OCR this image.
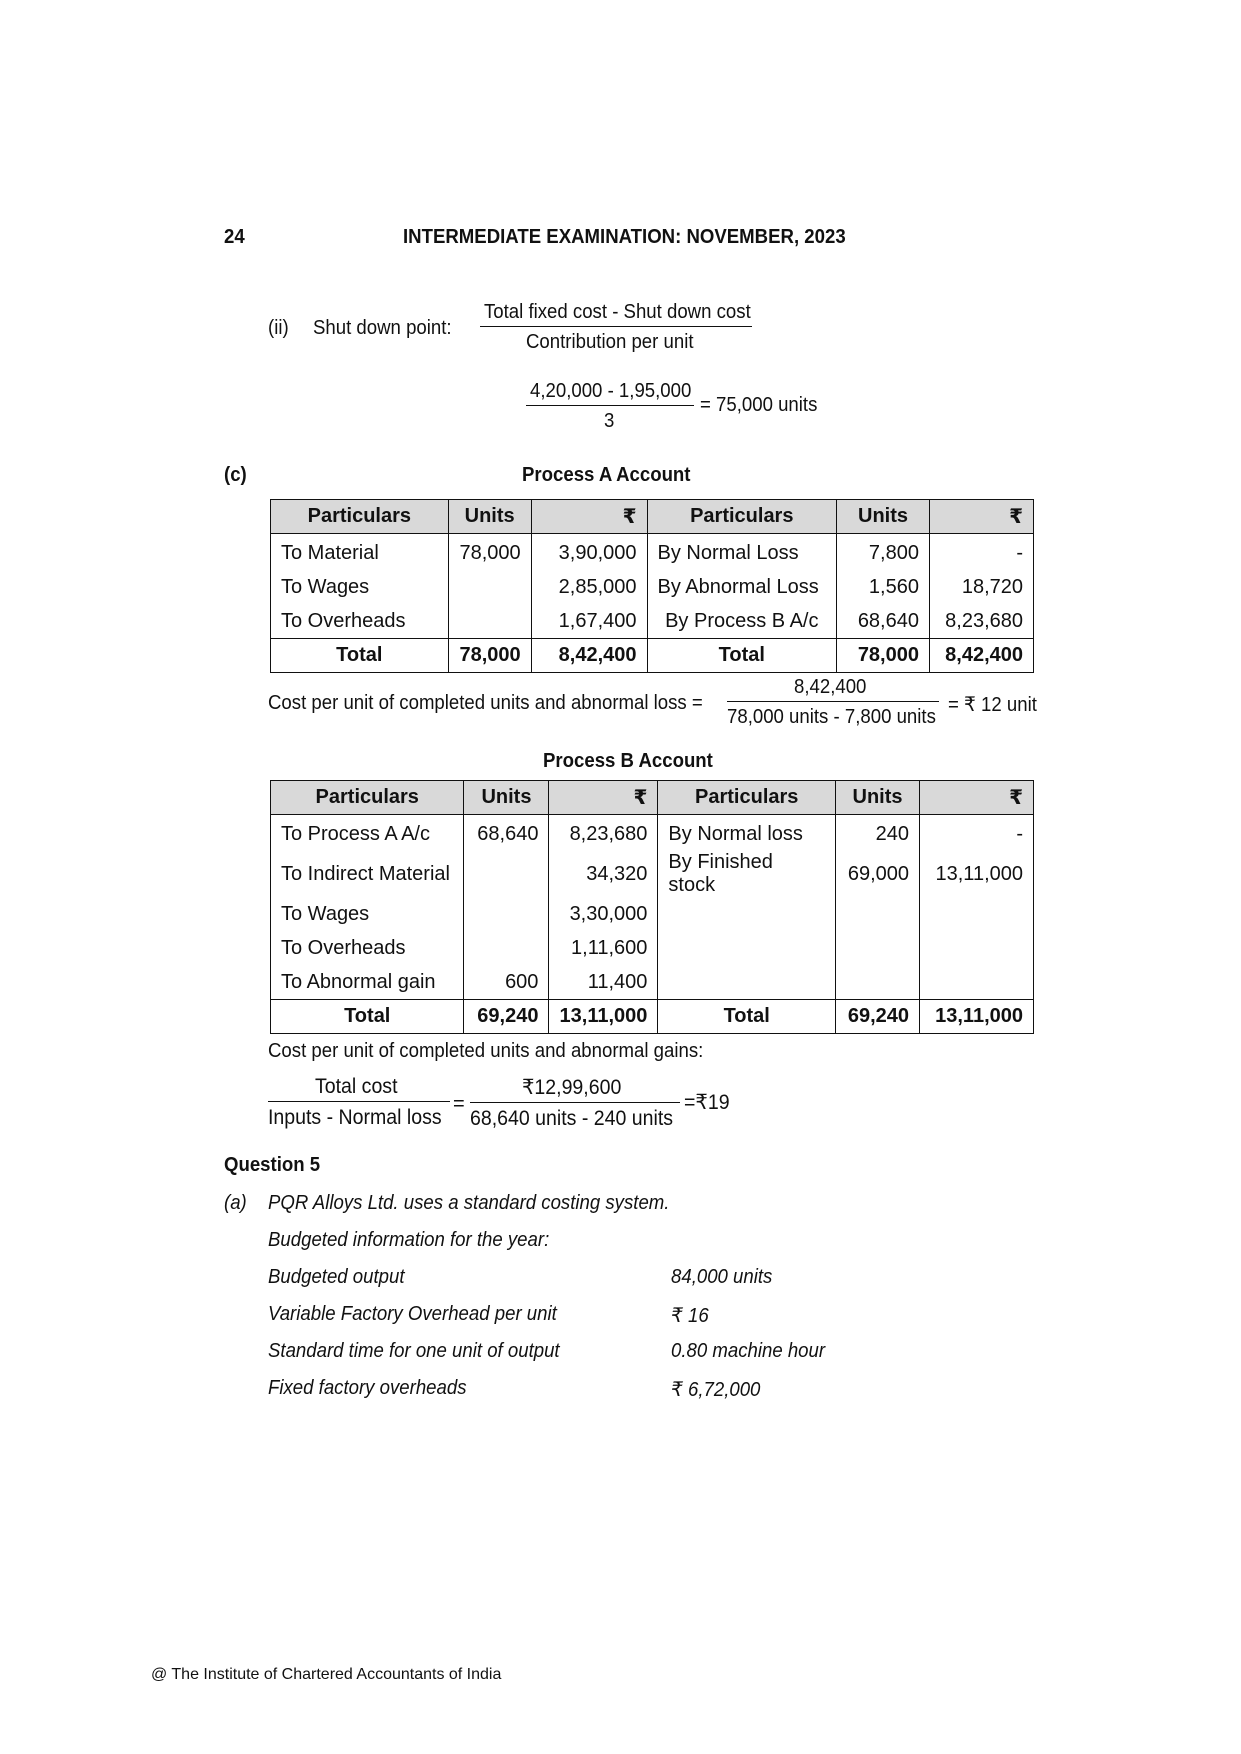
24	INTERMEDIATE EXAMINATION: NOVEMBER, 2023
(ii) Shut down point:
Total fixed cost - Shut down cost
Contribution per unit
$\frac{4,20,000 - 1,95,000}{3} = 75,000$ units
(c)	Process A Account
Particulars	Units	₹	Particulars	Units	₹
To Material	78,000	3,90,000	By Normal Loss	7,800	-
To Wages		2,85,000	By Abnormal Loss	1,560	18,720
To Overheads		1,67,400	By Process B A/c	68,640	8,23,680
Total	78,000	8,42,400	Total	78,000	8,42,400
Cost per unit of completed units and abnormal loss =
8,42,400
78,000 units - 7,800 units
= ₹ 12 unit
Process B Account
Particulars	Units	₹	Particulars	Units	₹
To Process A A/c	68,640	8,23,680	By Normal loss	240	-
To Indirect Material		34,320	By Finished stock	69,000	13,11,000
To Wages		3,30,000			
To Overheads		1,11,600			
To Abnormal gain	600	11,400			
Total	69,240	13,11,000	Total	69,240	13,11,000
Cost per unit of completed units and abnormal gains:
Total cost
Inputs - Normal loss
=
₹12,99,600
68,640 units - 240 units
=₹19
Question 5
(a) PQR Alloys Ltd. uses a standard costing system.
Budgeted information for the year:
Budgeted output	84,000 units
Variable Factory Overhead per unit	₹ 16
Standard time for one unit of output	0.80 machine hour
Fixed factory overheads	₹ 6,72,000
@ The Institute of Chartered Accountants of India
